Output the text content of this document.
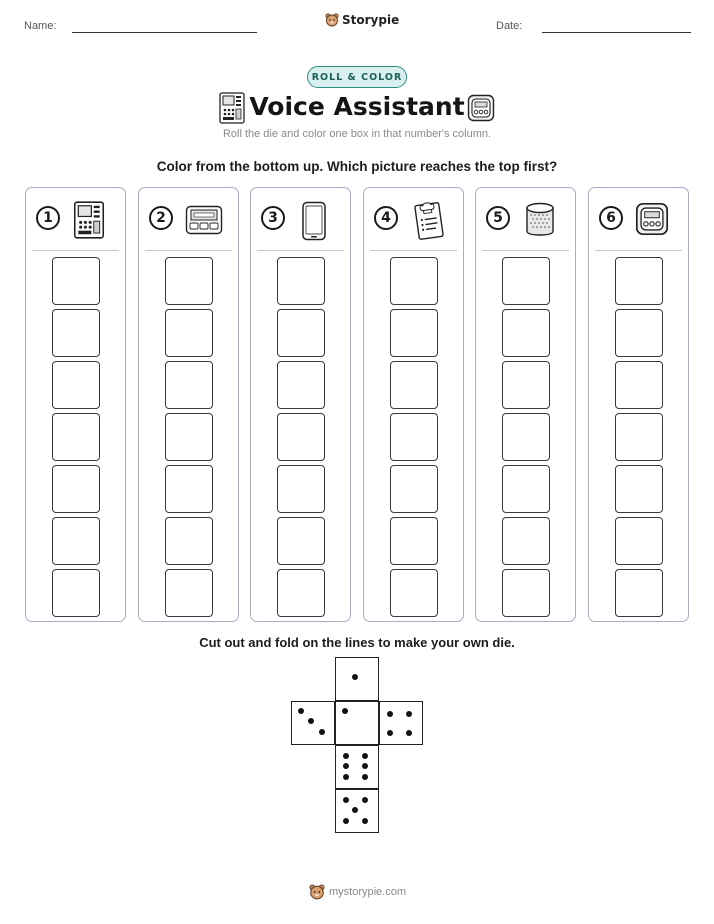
Name:	Storypie	Date:
ROLL & COLOR
Voice Assistant
Roll the die and color one box in that number's column.
Color from the bottom up. Which picture reaches the top first?
1	2	3	4	5	6
Cut out and fold on the lines to make your own die.
mystorypie.com
